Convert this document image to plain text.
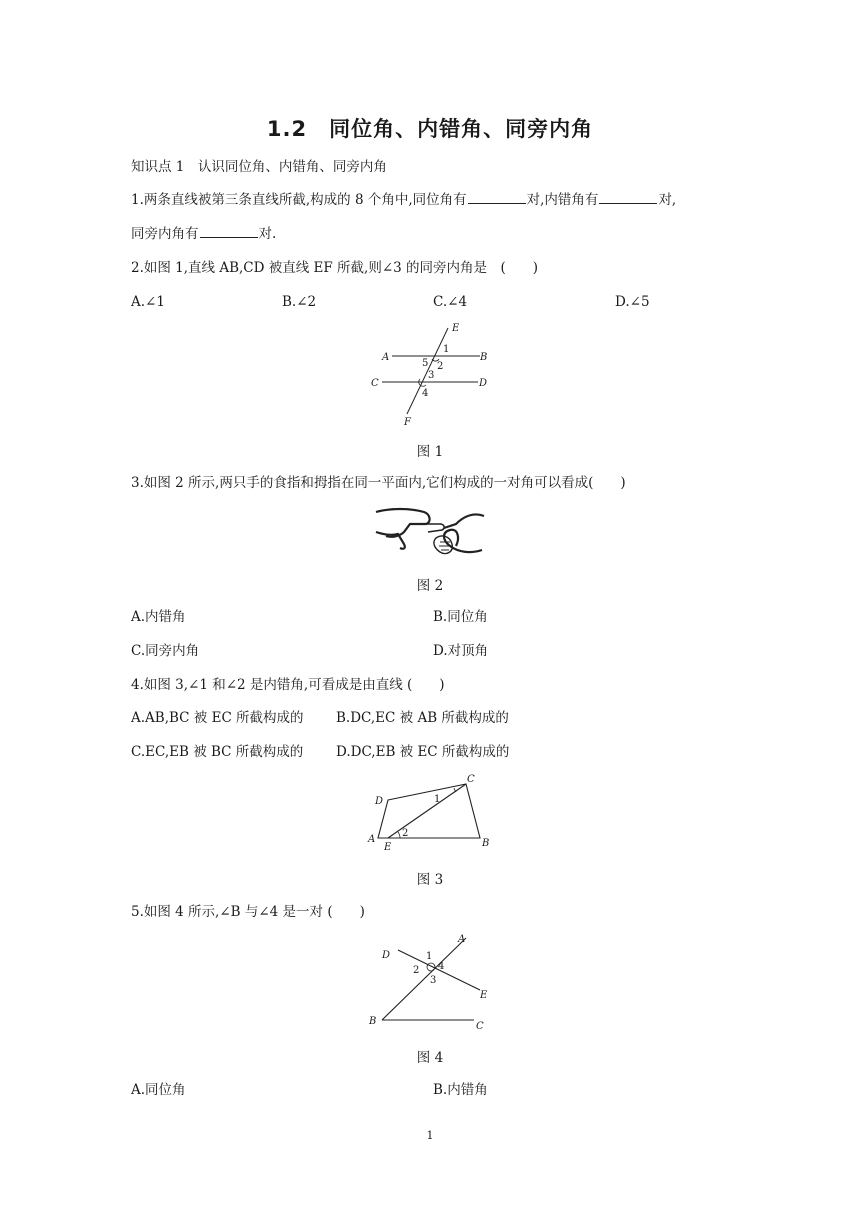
1.2　同位角、内错角、同旁内角
知识点 1　认识同位角、内错角、同旁内角
1.两条直线被第三条直线所截,构成的 8 个角中,同位角有	对,内错角有	对,
同旁内角有	对.
2.如图 1,直线 AB,CD 被直线 EF 所截,则∠3 的同旁内角是　(　　)
A.∠1	B.∠2	C.∠4	D.∠5
E
A	B
C	D
F
1
2
3
4
5
图 1
3.如图 2 所示,两只手的食指和拇指在同一平面内,它们构成的一对角可以看成(　　)
图 2
A.内错角	B.同位角
C.同旁内角	D.对顶角
4.如图 3,∠1 和∠2 是内错角,可看成是由直线 (　　)
A.AB,BC 被 EC 所截构成的 B.DC,EC 被 AB 所截构成的
C.EC,EB 被 BC 所截构成的 D.DC,EB 被 EC 所截构成的
C
D
A
E	B
1
2
图 3
5.如图 4 所示,∠B 与∠4 是一对 (　　)
A
D
E
B	C
1
2
3
4
图 4
A.同位角	B.内错角
1
